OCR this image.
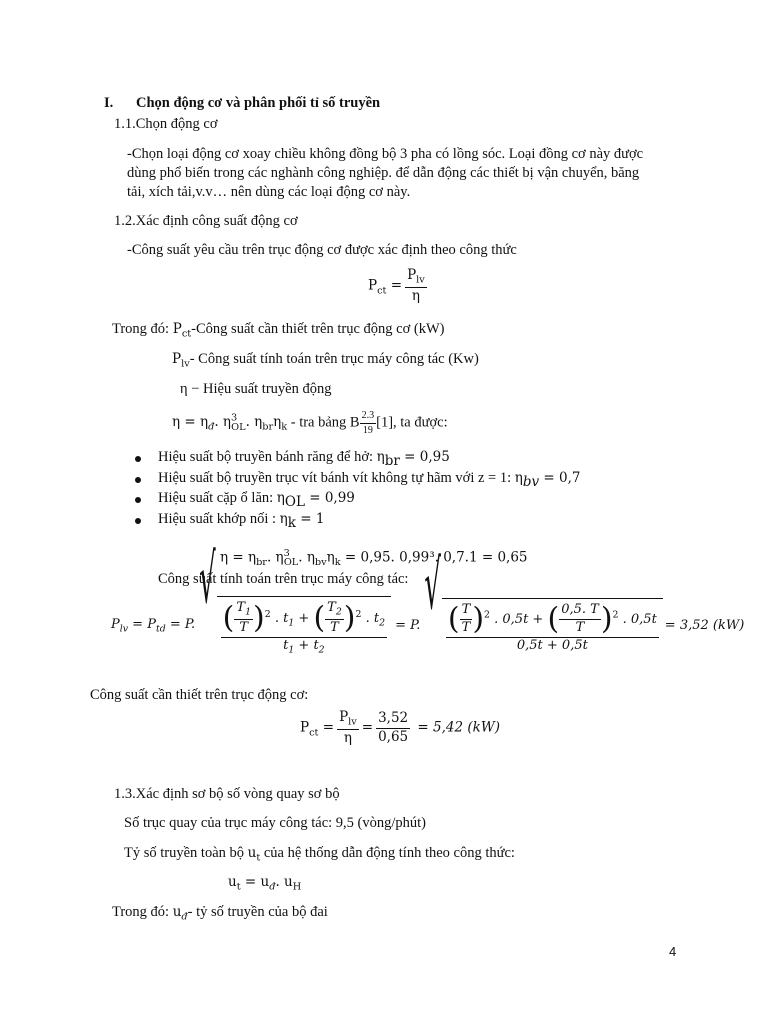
I. Chọn động cơ và phân phối tỉ số truyền
1.1.Chọn động cơ
-Chọn loại động cơ xoay chiều không đồng bộ 3 pha có lồng sóc. Loại đồng cơ này được
dùng phổ biến trong các nghành công nghiệp. để dẫn động các thiết bị vận chuyển, băng
tải, xích tải,v.v… nên dùng các loại động cơ này.
1.2.Xác định công suất động cơ
-Công suất yêu cầu trên trục động cơ được xác định theo công thức
$P_{ct} = \frac{P_{lv}}{\eta}$
Trong đó: $P_{ct}$-Công suất cần thiết trên trục động cơ (kW)
$P_{lv}-$ Công suất tính toán trên trục máy công tác (Kw)
η − Hiệu suất truyền động
$\eta = \eta_đ$. $\eta^3_{OL}$. $\eta_{br}\eta_k$ - tra bảng B $\frac{2.3}{19} [1]$, ta được:
Hiệu suất bộ truyền bánh răng để hở: $\eta_{br} = 0,95$
Hiệu suất bộ truyền trục vít bánh vít không tự hãm với z = 1: $\eta_{bv} = 0,7$
Hiệu suất cặp ổ lăn: $\eta_{OL} = 0,99$
Hiệu suất khớp nối : $\eta_k = 1$
$\eta = \eta_{br}$. $\eta^3_{OL}$. $\eta_{bv}\eta_k = 0,95$. 0,99³. 0,7.1 = 0,65
Công suất tính toán trên trục máy công tác:
$P_{lv} = P_{td} = P$.
√
$\frac{( \frac{T_1}{T} )^2 . t_1 + ( \frac{T_2}{T} )^2 . t_2}{t_1 + t_2} = P$. √
$\frac{( \frac{T}{T} )^2 . 0,5t + ( \frac{0,5. T}{T} )^2 . 0,5t}{0,5t + 0,5t} = 3,52$ (kW)
Công suất cần thiết trên trục động cơ:
$P_{ct} = \frac{P_{lv}}{\eta} = \frac{3,52}{0,65} = 5,42$ (kW)
1.3.Xác định sơ bộ số vòng quay sơ bộ
Số trục quay của trục máy công tác: 9,5 (vòng/phút)
Tỷ số truyền toàn bộ $u_t$ của hệ thống dẫn động tính theo công thức:
$u_t = u_đ$. $u_H$
Trong đó: $u_đ-$ tỷ số truyền của bộ đai
4
